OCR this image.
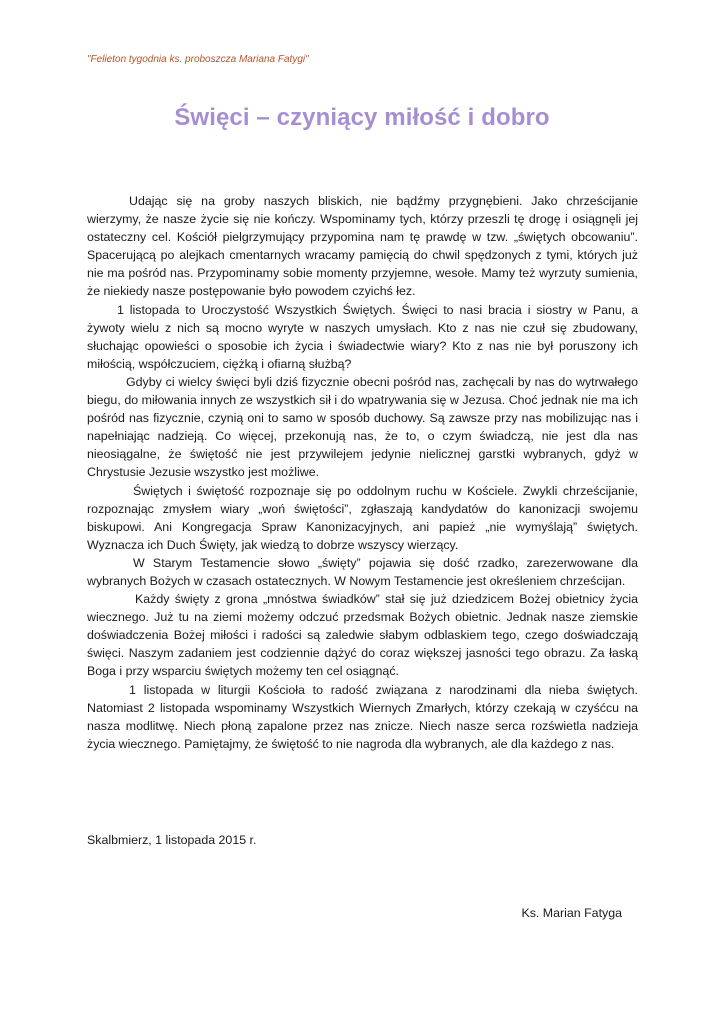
"Felieton tygodnia ks. proboszcza Mariana Fatygi"
Święci – czyniący miłość i dobro

Udając się na groby naszych bliskich, nie bądźmy przygnębieni. Jako chrześcijanie wierzymy, że nasze życie się nie kończy. Wspominamy tych, którzy przeszli tę drogę i osiągnęli jej ostateczny cel. Kościół pielgrzymujący przypomina nam tę prawdę w tzw. „świętych obcowaniu”. Spacerującą po alejkach cmentarnych wracamy pamięcią do chwil spędzonych z tymi, których już nie ma pośród nas. Przypominamy sobie momenty przyjemne, wesołe. Mamy też wyrzuty sumienia, że niekiedy nasze postępowanie było powodem czyichś łez.

1 listopada to Uroczystość Wszystkich Świętych. Święci to nasi bracia i siostry w Panu, a żywoty wielu z nich są mocno wyryte w naszych umysłach. Kto z nas nie czuł się zbudowany, słuchając opowieści o sposobie ich życia i świadectwie wiary? Kto z nas nie był poruszony ich miłością, współczuciem, ciężką i ofiarną służbą?

Gdyby ci wielcy święci byli dziś fizycznie obecni pośród nas, zachęcali by nas do wytrwałego biegu, do miłowania innych ze wszystkich sił i do wpatrywania się w Jezusa. Choć jednak nie ma ich pośród nas fizycznie, czynią oni to samo w sposób duchowy. Są zawsze przy nas mobilizując nas i napełniając nadzieją. Co więcej, przekonują nas, że to, o czym świadczą, nie jest dla nas nieosiągalne, że świętość nie jest przywilejem jedynie nielicznej garstki wybranych, gdyż w Chrystusie Jezusie wszystko jest możliwe.

Świętych i świętość rozpoznaje się po oddolnym ruchu w Kościele. Zwykli chrześcijanie, rozpoznając zmysłem wiary „woń świętości”, zgłaszają kandydatów do kanonizacji swojemu biskupowi. Ani Kongregacja Spraw Kanonizacyjnych, ani papież „nie wymyślają” świętych. Wyznacza ich Duch Święty, jak wiedzą to dobrze wszyscy wierzący.

W Starym Testamencie słowo „święty” pojawia się dość rzadko, zarezerwowane dla wybranych Bożych w czasach ostatecznych. W Nowym Testamencie jest określeniem chrześcijan.

Każdy święty z grona „mnóstwa świadków” stał się już dziedzicem Bożej obietnicy życia wiecznego. Już tu na ziemi możemy odczuć przedsmak Bożych obietnic. Jednak nasze ziemskie doświadczenia Bożej miłości i radości są zaledwie słabym odblaskiem tego, czego doświadczają święci. Naszym zadaniem jest codziennie dążyć do coraz większej jasności tego obrazu. Za łaską Boga i przy wsparciu świętych możemy ten cel osiągnąć.

1 listopada w liturgii Kościoła to radość związana z narodzinami dla nieba świętych. Natomiast 2 listopada wspominamy Wszystkich Wiernych Zmarłych, którzy czekają w czyśćcu na nasza modlitwę. Niech płoną zapalone przez nas znicze. Niech nasze serca rozświetla nadzieja życia wiecznego. Pamiętajmy, że świętość to nie nagroda dla wybranych, ale dla każdego z nas.

Skalbmierz, 1 listopada 2015 r.
Ks. Marian Fatyga
